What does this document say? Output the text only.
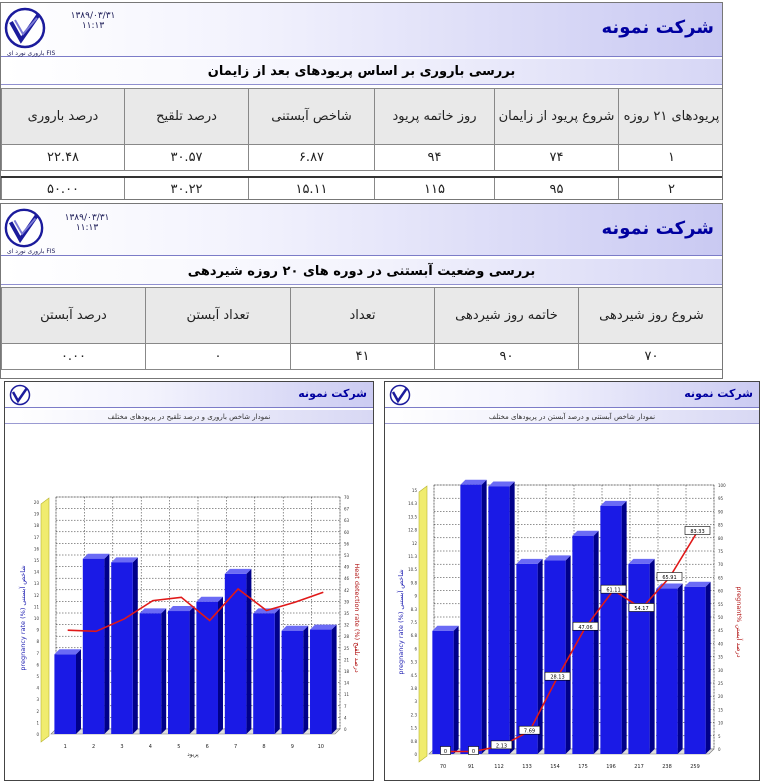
۱۳۸۹/۰۳/۳۱
۱۱:۱۳
باروری نورد ای FIS
شرکت نمونه
بررسی باروری بر اساس پریودهای بعد از زایمان
پریودهای ۲۱ روزه	شروع پریود از زایمان	روز خاتمه پریود	شاخص آبستنی	درصد تلقیح	درصد باروری
۱	۷۴	۹۴	۶.۸۷	۳۰.۵۷	۲۲.۴۸

۲	۹۵	۱۱۵	۱۵.۱۱	۳۰.۲۲	۵۰.۰۰
۱۳۸۹/۰۳/۳۱
۱۱:۱۳
باروری نورد ای FIS
شرکت نمونه
بررسی وضعیت آبستنی در دوره های ۲۰ روزه شیردهی
شروع روز شیردهی	خاتمه روز شیردهی	تعداد	تعداد آبستن	درصد آبستن
۷۰	۹۰	۴۱	۰	۰.۰۰
شرکت نمونه
نمودار شاخص باروری و درصد تلقیح در پریودهای مختلف
0
1
2
3
4
5
6
7
8
9
10
11
12
13
14
15
16
17
18
19
20
0
4
7
11
14
18
21
25
28
32
35
39
42
46
49
53
56
60
63
67
70
1	2	3	4	5	6	7	8	9	10
pregnancy rate (%) شاخص آبستنی	Heat detection rate (%) درصد تلقیح
پریود
شرکت نمونه
نمودار شاخص آبستنی و درصد آبستن در پریودهای مختلف
0
0.8
1.5
2.3
3
3.8
4.5
5.3
6
6.8
7.5
8.3
9
9.8
10.5
11.3
12
12.8
13.5
14.3
15
0
5
10
15
20
25
30
35
40
45
50
55
60
65
70
75
80
85
90
95
100
70	91	112	133	154	175	196	217	238	259
0	0
2.13
7.69
28.13
47.06
61.11
54.17
65.91
83.33
pregnancy rate (%) شاخص آبستنی	pregnant% درصد آبستن
